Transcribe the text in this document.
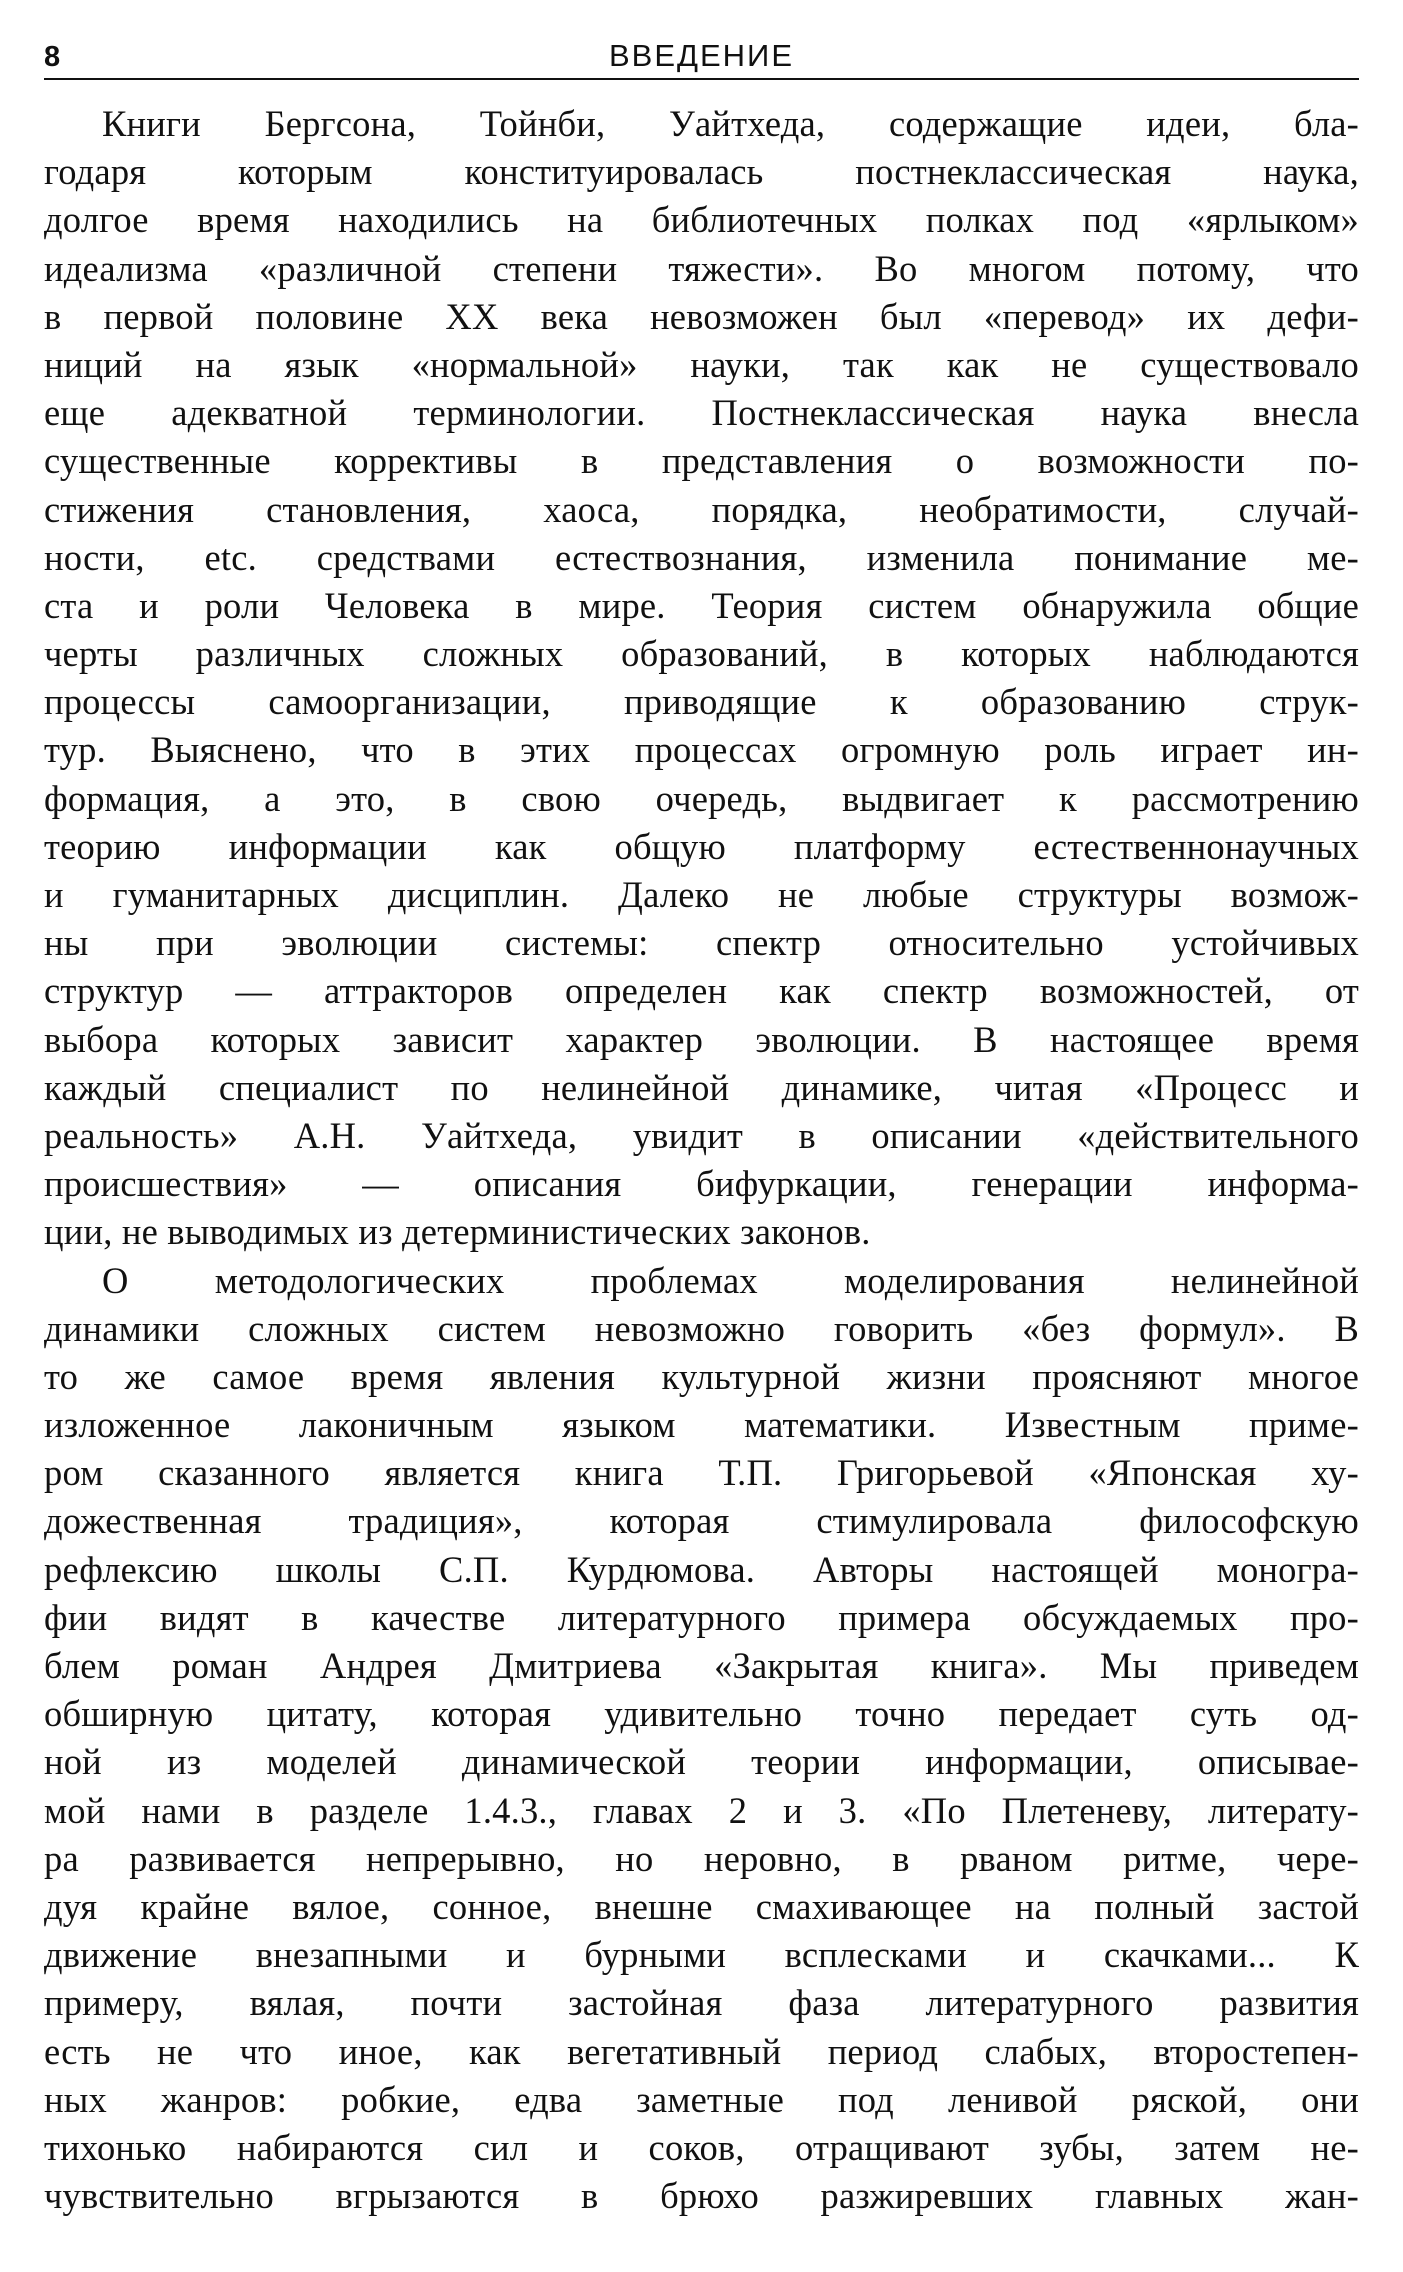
8	ВВЕДЕНИЕ
Книги Бергсона, Тойнби, Уайтхеда, содержащие идеи, бла-
годаря которым конституировалась постнеклассическая наука,
долгое время находились на библиотечных полках под «ярлыком»
идеализма «различной степени тяжести». Во многом потому, что
в первой половине XX века невозможен был «перевод» их дефи-
ниций на язык «нормальной» науки, так как не существовало
еще адекватной терминологии. Постнеклассическая наука внесла
существенные коррективы в представления о возможности по-
стижения становления, хаоса, порядка, необратимости, случай-
ности, etc. средствами естествознания, изменила понимание ме-
ста и роли Человека в мире. Теория систем обнаружила общие
черты различных сложных образований, в которых наблюдаются
процессы самоорганизации, приводящие к образованию струк-
тур. Выяснено, что в этих процессах огромную роль играет ин-
формация, а это, в свою очередь, выдвигает к рассмотрению
теорию информации как общую платформу естественнонаучных
и гуманитарных дисциплин. Далеко не любые структуры возмож-
ны при эволюции системы: спектр относительно устойчивых
структур — аттракторов определен как спектр возможностей, от
выбора которых зависит характер эволюции. В настоящее время
каждый специалист по нелинейной динамике, читая «Процесс и
реальность» А.Н. Уайтхеда, увидит в описании «действительного
происшествия» — описания бифуркации, генерации информа-
ции, не выводимых из детерминистических законов.
О методологических проблемах моделирования нелинейной
динамики сложных систем невозможно говорить «без формул». В
то же самое время явления культурной жизни проясняют многое
изложенное лаконичным языком математики. Известным приме-
ром сказанного является книга Т.П. Григорьевой «Японская ху-
дожественная традиция», которая стимулировала философскую
рефлексию школы С.П. Курдюмова. Авторы настоящей моногра-
фии видят в качестве литературного примера обсуждаемых про-
блем роман Андрея Дмитриева «Закрытая книга». Мы приведем
обширную цитату, которая удивительно точно передает суть од-
ной из моделей динамической теории информации, описывае-
мой нами в разделе 1.4.3., главах 2 и 3. «По Плетеневу, литерату-
ра развивается непрерывно, но неровно, в рваном ритме, чере-
дуя крайне вялое, сонное, внешне смахивающее на полный застой
движение внезапными и бурными всплесками и скачками... К
примеру, вялая, почти застойная фаза литературного развития
есть не что иное, как вегетативный период слабых, второстепен-
ных жанров: робкие, едва заметные под ленивой ряской, они
тихонько набираются сил и соков, отращивают зубы, затем не-
чувствительно вгрызаются в брюхо разжиревших главных жан-
